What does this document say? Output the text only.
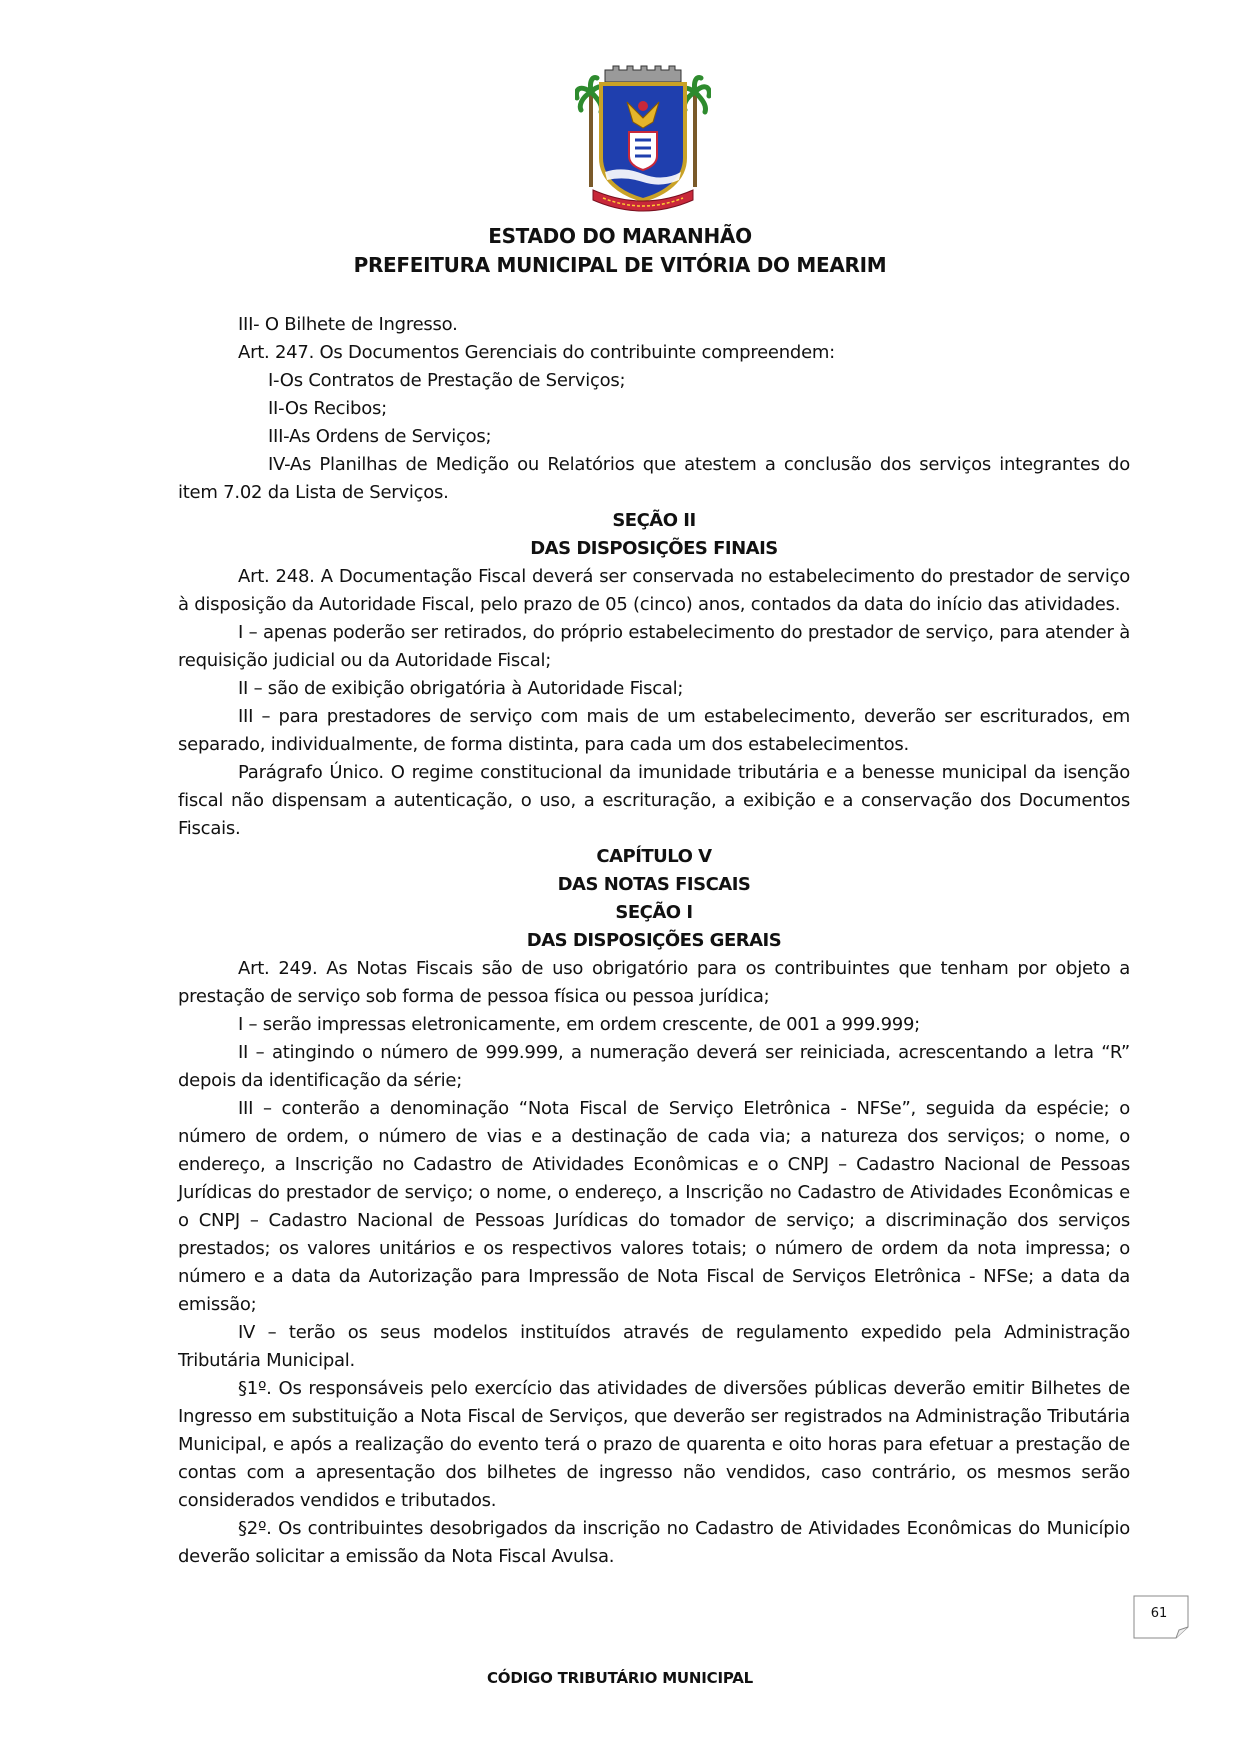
ESTADO DO MARANHÃO
PREFEITURA MUNICIPAL DE VITÓRIA DO MEARIM

III- O Bilhete de Ingresso.

Art. 247. Os Documentos Gerenciais do contribuinte compreendem:

I-Os Contratos de Prestação de Serviços;

II-Os Recibos;

III-As Ordens de Serviços;

IV-As Planilhas de Medição ou Relatórios que atestem a conclusão dos serviços integrantes do item 7.02 da Lista de Serviços.

SEÇÃO II

DAS DISPOSIÇÕES FINAIS

Art. 248. A Documentação Fiscal deverá ser conservada no estabelecimento do prestador de serviço à disposição da Autoridade Fiscal, pelo prazo de 05 (cinco) anos, contados da data do início das atividades.

I – apenas poderão ser retirados, do próprio estabelecimento do prestador de serviço, para atender à requisição judicial ou da Autoridade Fiscal;

II – são de exibição obrigatória à Autoridade Fiscal;

III – para prestadores de serviço com mais de um estabelecimento, deverão ser escriturados, em separado, individualmente, de forma distinta, para cada um dos estabelecimentos.

Parágrafo Único. O regime constitucional da imunidade tributária e a benesse municipal da isenção fiscal não dispensam a autenticação, o uso, a escrituração, a exibição e a conservação dos Documentos Fiscais.

CAPÍTULO V

DAS NOTAS FISCAIS

SEÇÃO I

DAS DISPOSIÇÕES GERAIS

Art. 249. As Notas Fiscais são de uso obrigatório para os contribuintes que tenham por objeto a prestação de serviço sob forma de pessoa física ou pessoa jurídica;

I – serão impressas eletronicamente, em ordem crescente, de 001 a 999.999;

II – atingindo o número de 999.999, a numeração deverá ser reiniciada, acrescentando a letra “R” depois da identificação da série;

III – conterão a denominação “Nota Fiscal de Serviço Eletrônica - NFSe”, seguida da espécie; o número de ordem, o número de vias e a destinação de cada via; a natureza dos serviços; o nome, o endereço, a Inscrição no Cadastro de Atividades Econômicas e o CNPJ – Cadastro Nacional de Pessoas Jurídicas do prestador de serviço; o nome, o endereço, a Inscrição no Cadastro de Atividades Econômicas e o CNPJ – Cadastro Nacional de Pessoas Jurídicas do tomador de serviço; a discriminação dos serviços prestados; os valores unitários e os respectivos valores totais; o número de ordem da nota impressa; o número e a data da Autorização para Impressão de Nota Fiscal de Serviços Eletrônica - NFSe; a data da emissão;

IV – terão os seus modelos instituídos através de regulamento expedido pela Administração Tributária Municipal.

§1º. Os responsáveis pelo exercício das atividades de diversões públicas deverão emitir Bilhetes de Ingresso em substituição a Nota Fiscal de Serviços, que deverão ser registrados na Administração Tributária Municipal, e após a realização do evento terá o prazo de quarenta e oito horas para efetuar a prestação de contas com a apresentação dos bilhetes de ingresso não vendidos, caso contrário, os mesmos serão considerados vendidos e tributados.

§2º. Os contribuintes desobrigados da inscrição no Cadastro de Atividades Econômicas do Município deverão solicitar a emissão da Nota Fiscal Avulsa.

61
CÓDIGO TRIBUTÁRIO MUNICIPAL
